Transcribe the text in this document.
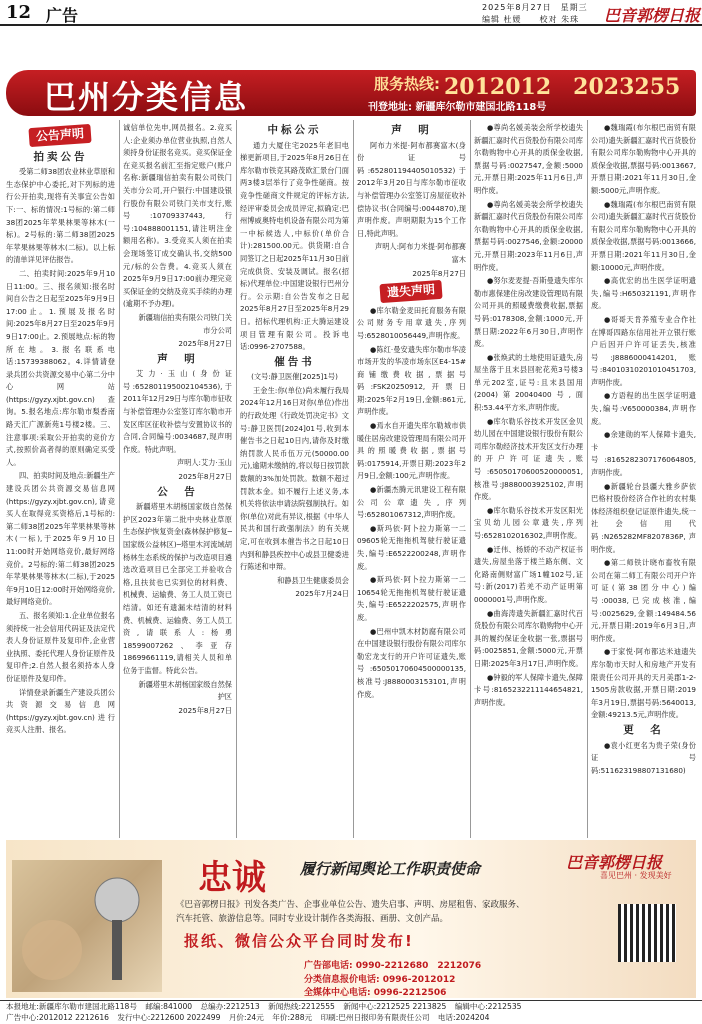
12 广告	2025年8月27日　星期三
编辑 杜媛　　校对 朱珠 巴音郭楞日报
巴州分类信息	服务热线: 2012012　2023255
刊登地址: 新疆库尔勒市建国北路118号
公告声明
拍卖公告

受第二师38团农业林业草原和生态保护中心委托,对下列标的进行公开拍卖,现将有关事宜公告如下:一、标的情况:1号标的:第二师38团2025年苹果林果等林木(一标)。2号标的:第二师38团2025年苹果林果等林木(二标)。以上标的清单详见评估报告。

二、拍卖时间:2025年9月10日11:00。三、报名须知:报名时间自公告之日起至2025年9月9日17:00止。1.预展及报名时间:2025年8月27日至2025年9月9日17:00止。2.预展地点:标的物所在地。3.报名联系电话:15739388062。4.详情请登录兵团公共资源交易中心第二分中心网站(https://gyzy.xjbt.gov.cn)查询。5.报名地点:库尔勒市梨香南路天汇广源新苑1号楼2楼。三、注意事项:采取公开拍卖的竞价方式,按照价高者得的原则确定买受人。

四、拍卖时间及地点:新疆生产建设兵团公共资源交易信息网(https://gyzy.xjbt.gov.cn),请竞买人在取得竞买资格后,1号标的:第二师38团2025年苹果林果等林木(一标),于2025年9月10日11:00时开始网络竞价,最好网络竞价。2号标的:第二师38团2025年苹果林果等林木(二标),于2025年9月10日12:00时开始网络竞价,最好网络竞价。

五、报名须知:1.企业单位报名须持统一社会信用代码证及法定代表人身份证原件及复印件,企业营业执照、委托代理人身份证原件及复印件;2.自然人报名须持本人身份证原件及复印件。

详情登录新疆生产建设兵团公共资源交易信息网(https://gyzy.xjbt.gov.cn)进行竞买人注册、报名。

诚信单位先申,网员报名。2.竞买人:企业须办单位营业执照,自然人须持身份证报名竞买。竞买保证金在竞买报名前汇至指定账户(账户名称:新疆瑞信拍卖有限公司铁门关市分公司,开户银行:中国建设银行股份有限公司铁门关市支行,账号:10709337443,行号:104888001151,请注明注金额用名称)。3.受竞买人须在拍卖会现场签订成交确认书,交纳500元/标的公告费。4.竞买人须在2025年9月9日17:00前办理完竞买保证金的交纳及竞买手续的办理(逾期不予办理)。

新疆瑞信拍卖有限公司铁门关市分公司

2025年8月27日

声　明

艾力·玉山(身份证号:652801195002104536),于2011年12月29日与库尔勒市征收与补偿管理办公室签订库尔勒市开发区库区征收补偿与安置协议书的合同,合同编号:0034687,现声明作废。特此声明。

声明人:艾力·玉山

2025年8月27日

公　告

新疆塔里木胡杨国家级自然保护区2023年第二批中央林业草原生态保护恢复资金(森林保护修复─国家级公益林区)─塔里木河流域胡杨林生态系统的保护与改造项目遴选改造项目已全部完工并验收合格,且扶贫也已实到位的材料费、机械费、运输费、务工人员工资已结清。如还有遗漏未结清的材料费、机械费、运输费、务工人员工资,请联系人:杨勇18599007262、李亚存18699661119,请相关人员和单位务于监督。特此公告。

新疆塔里木胡杨国家级自然保护区

2025年8月27日

中标公示

通力大厦住宅2025年老旧电梯更新项目,于2025年8月26日在库尔勒市铁克其路茂欧汇景台门面两3楼3层举行了竞争性磋商。按竞争性磋商文件规定的评标方法,经评审委员会成员评定,拟确定:巴州博威奥特电机设备有限公司为第一中标候选人,中标价(单价合计):281500.00元。供货期:自合同签订之日起2025年11月30日前完成供货、安装及调试。报名(招标)代理单位:中国建设银行巴州分行。公示期:自公告发布之日起2025年8月27日至2025年8月29日。招标代理机构:正大腾运建设项目管理有限公司。投诉电话:0996-2707588。

催告书

(文号:静卫医催[2025]1号)

王金生:你(单位)尚未履行我局2024年12月16日对你(单位)作出的行政处理《行政处罚决定书》文号:静卫医罚[2024]01号,收到本催告书之日起10日内,请你及时缴纳罚款人民币伍万元(50000.00元),逾期未缴纳的,将以每日按罚款数额的3%加处罚款。数额不超过罚款本金。如不履行上述义务,本机关将依法申请法院强制执行。如你(单位)对此有异议,根据《中华人民共和国行政强制法》的有关规定,可在收到本催告书之日起10日内到和静县疾控中心或县卫健委进行陈述和申辩。

和静县卫生健康委员会

2025年7月24日

声　明

阿布力米提·阿布都赛富木(身份证号码:652801194405010532)于2012年3月20日与库尔勒市征收与补偿管理办公室签订房屋征收补偿协议书(合同编号:0044870),现声明作废。声明期限为15个工作日,特此声明。

声明人:阿布力米提·阿布都赛富木

2025年8月27日

遗失声明

●库尔勒金麦田托育服务有限公司财务专用章遗失,序列号:6528010056449,声明作废。

●陈红·曼安遗失库尔勒市华凌市场开发的华凌市场东区E4-15#商铺缴费收据,票据号码:FSK20250912,开票日期:2025年2月19日,金额:861元,声明作废。

●焉水自开遗失库尔勒城市供暖住居房改建设管理局有限公司开具的照暖费收据,票据号码:0175914,开票日期:2023年2月9日,金额:100元,声明作废。

●新疆杰腾元讯建设工程有限公司公章遗失,序列号:652801067312,声明作废。

●斯玛依·阿卜拉力斯第一二09605轮无拖拖机驾驶行驶证遗失,编号:E6522200248,声明作废。

●斯玛依·阿卜拉力斯第一二10654轮无拖拖机驾驶行驶证遗失,编号:E6522202575,声明作废。

●巴州中凯木材防腐有限公司在中国建设银行股份有限公司库尔勒宏龙支行的开户许可证遗失,账号:65050170604500000135,核准号:J8880003153101,声明作废。

●尊尚名媛美装会所学校遗失新疆汇嘉时代百货股份有限公司库尔勒购物中心开具的质保金收据,票据号码:0027547,金额:5000元,开票日期:2025年11月6日,声明作废。

●尊尚名媛美装会所学校遗失新疆汇嘉时代百货股份有限公司库尔勒购物中心开具的质保金收据,票据号码:0027546,金额:20000元,开票日期:2023年11月6日,声明作废。

●努尔麦麦提·吾斯曼遗失库尔勒市惠保建住房改建设管理局有限公司开具的照暖费缴费收据,票据号码:0178308,金额:1000元,开票日期:2022年6月30日,声明作废。

●张焕武的土地使用证遗失,房屋坐落于且末县回驼花苑3号楼3单元202室,证号:且末县国用(2004)第20040400号,面积:53.44平方米,声明作废。

●库尔勒乐谷技术开发区金贝幼儿园在中国建设银行股份有限公司库尔勒经济技术开发区支行办理的开户许可证遗失,账号:65050170600520000051,核准号:J8880003925102,声明作废。

●库尔勒乐谷技术开发区阳光宝贝幼儿园公章遗失,序列号:6528102016302,声明作废。

●迁伟、杨娇的不动产权证书遗失,房屋坐落于楼兰路东侧、文化路南侧财富广场1幢102号,证号:新(2017)若羌不动产证明第0000001号,声明作废。

●曲海涛遗失新疆汇嘉时代百货股份有限公司库尔勒购物中心开具的履约保证金收据一张,票据号码:0025851,金额:5000元,开票日期:2025年3月17日,声明作废。

●钟毅的军人保障卡遗失,保障卡号:8165232211144654821,声明作废。

●魏瑞霞(布尔根巴南贸有限公司)遗失新疆汇嘉时代百货股份有限公司库尔勒购物中心开具的质保金收据,票据号码:0013667,开票日期:2021年11月30日,金额:5000元,声明作废。

●魏瑞霞(布尔根巴南贸有限公司)遗失新疆汇嘉时代百货股份有限公司库尔勒购物中心开具的质保金收据,票据号码:0013666,开票日期:2021年11月30日,金额:10000元,声明作废。

●高优宏的出生医学证明遗失,编号:H650321191,声明作废。

●哥哥天肯养殖专业合作社在博哥四路东信用社开立银行账户后因开户许可证丢失,核准号:J8886000414201,账号:84010310201010451703,声明作废。

●方语程的出生医学证明遗失,编号:V650000384,声明作废。

●余建勋的军人保障卡遗失,卡号:8165282307176064805,声明作废。

●新疆轮台县疆大雅乡萨依巴格村股份经济合作社的农村集体经济组织登记证原件遗失,统一社会信用代码:N265282MF8207836P,声明作废。

●第二师铁计晓布畜牧有限公司在第二师工有限公司开户许可证(第38团分中心)编号:00038,已完成核准,编号:0025629,金额:149484.56元,开票日期:2019年6月3日,声明作废。

●于家悦·阿布都达米迪遗失库尔勒市天时人和房地产开发有限责任公司开具的天月美郡1-2-1505房款收据,开票日期:2019年3月19日,票据号码:5640013,金额:49213.5元,声明作废。

更　名

●袁小红更名为贵子荣(身份证号码:511623198807131680)

忠诚 履行新闻舆论工作职责使命	巴音郭楞日报
喜见巴州 · 发现美好
《巴音郭楞日报》刊发各类广告、企事业单位公告、遗失启事、声明、房屋租售、家政服务、
汽车托管、旅游信息等。同时专业设计制作各类海报、画册、文创产品。
报纸、微信公众平台同时发布!
广告部电话: 0990-2212680　2212076
分类信息报价电话: 0996-2012012
全媒体中心电话: 0996-2212506
本报地址:新疆库尔勒市建国北路118号 邮编:841000 总编办:2212513 新闻热线:2212555 新闻中心:2212525 2213825 编辑中心:2212535
广告中心:2012012 2212616 发行中心:2212600 2022499 月价:24元 年价:288元 印刷:巴州日报印务有限责任公司 电话:2024204
